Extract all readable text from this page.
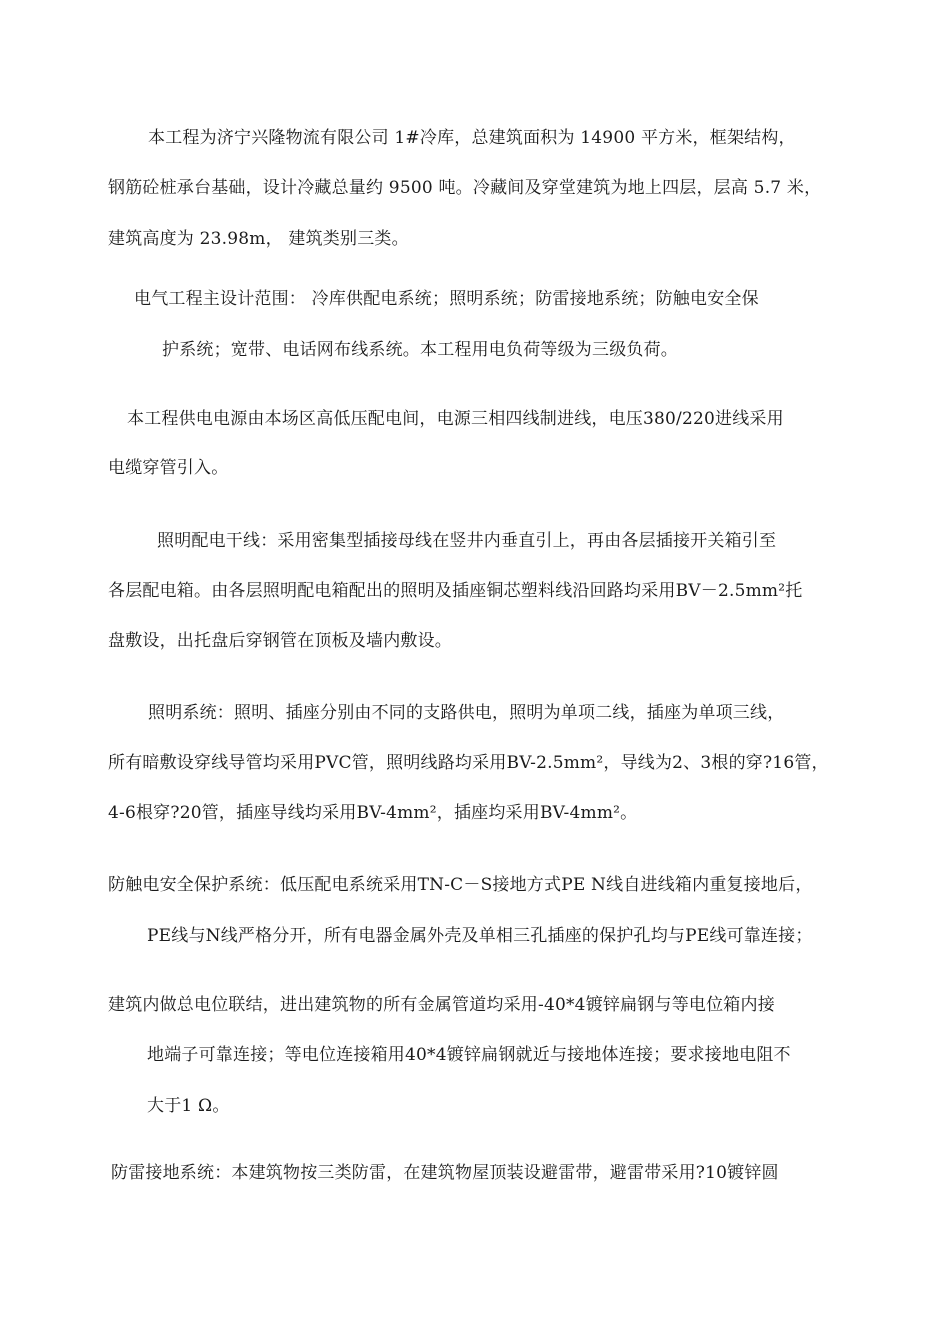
本工程为济宁兴隆物流有限公司 1#冷库，总建筑面积为 14900 平方米，框架结构，
钢筋砼桩承台基础，设计冷藏总量约 9500 吨。冷藏间及穿堂建筑为地上四层，层高 5.7 米，
建筑高度为 23.98m， 建筑类别三类。
电气工程主设计范围： 冷库供配电系统；照明系统；防雷接地系统；防触电安全保
护系统；宽带、电话网布线系统。本工程用电负荷等级为三级负荷。
本工程供电电源由本场区高低压配电间，电源三相四线制进线，电压380/220进线采用
电缆穿管引入。
照明配电干线：采用密集型插接母线在竖井内垂直引上，再由各层插接开关箱引至
各层配电箱。由各层照明配电箱配出的照明及插座铜芯塑料线沿回路均采用BV－2.5mm²托
盘敷设，出托盘后穿钢管在顶板及墙内敷设。
照明系统：照明、插座分别由不同的支路供电，照明为单项二线，插座为单项三线，
所有暗敷设穿线导管均采用PVC管，照明线路均采用BV-2.5mm²，导线为2、3根的穿?16管，
4-6根穿?20管，插座导线均采用BV-4mm²，插座均采用BV-4mm²。
防触电安全保护系统：低压配电系统采用TN-C－S接地方式PE N线自进线箱内重复接地后，
PE线与N线严格分开，所有电器金属外壳及单相三孔插座的保护孔均与PE线可靠连接；
建筑内做总电位联结，进出建筑物的所有金属管道均采用-40*4镀锌扁钢与等电位箱内接
地端子可靠连接；等电位连接箱用40*4镀锌扁钢就近与接地体连接；要求接地电阻不
大于1 Ω。
防雷接地系统：本建筑物按三类防雷，在建筑物屋顶装设避雷带，避雷带采用?10镀锌圆
